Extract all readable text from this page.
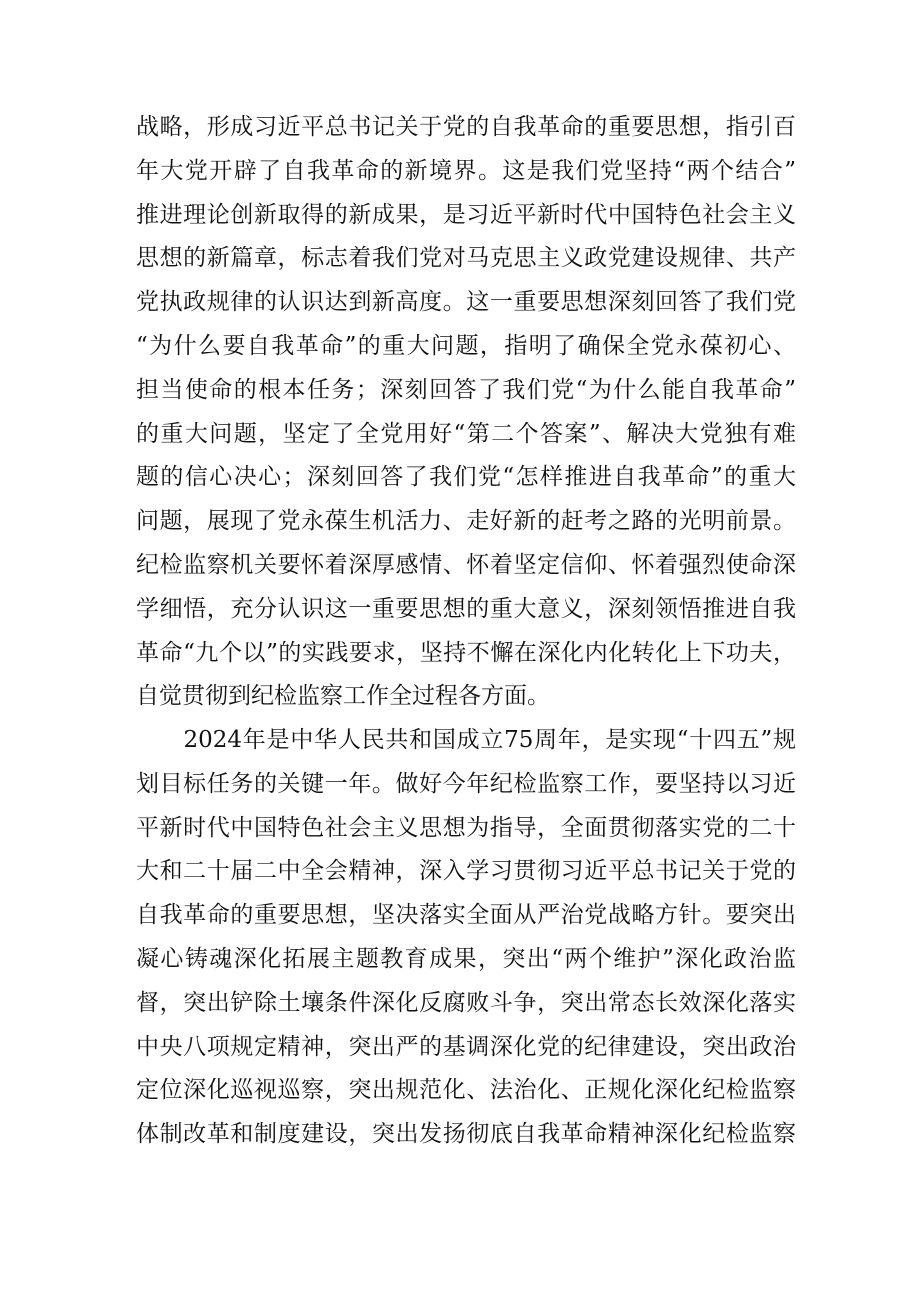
战略，形成习近平总书记关于党的自我革命的重要思想，指引百
年大党开辟了自我革命的新境界。这是我们党坚持“两个结合”
推进理论创新取得的新成果，是习近平新时代中国特色社会主义
思想的新篇章，标志着我们党对马克思主义政党建设规律、共产
党执政规律的认识达到新高度。这一重要思想深刻回答了我们党
“为什么要自我革命”的重大问题，指明了确保全党永葆初心、
担当使命的根本任务；深刻回答了我们党“为什么能自我革命”
的重大问题，坚定了全党用好“第二个答案”、解决大党独有难
题的信心决心；深刻回答了我们党“怎样推进自我革命”的重大
问题，展现了党永葆生机活力、走好新的赶考之路的光明前景。
纪检监察机关要怀着深厚感情、怀着坚定信仰、怀着强烈使命深
学细悟，充分认识这一重要思想的重大意义，深刻领悟推进自我
革命“九个以”的实践要求，坚持不懈在深化内化转化上下功夫，
自觉贯彻到纪检监察工作全过程各方面。
　　2024年是中华人民共和国成立75周年，是实现“十四五”规
划目标任务的关键一年。做好今年纪检监察工作，要坚持以习近
平新时代中国特色社会主义思想为指导，全面贯彻落实党的二十
大和二十届二中全会精神，深入学习贯彻习近平总书记关于党的
自我革命的重要思想，坚决落实全面从严治党战略方针。要突出
凝心铸魂深化拓展主题教育成果，突出“两个维护”深化政治监
督，突出铲除土壤条件深化反腐败斗争，突出常态长效深化落实
中央八项规定精神，突出严的基调深化党的纪律建设，突出政治
定位深化巡视巡察，突出规范化、法治化、正规化深化纪检监察
体制改革和制度建设，突出发扬彻底自我革命精神深化纪检监察
